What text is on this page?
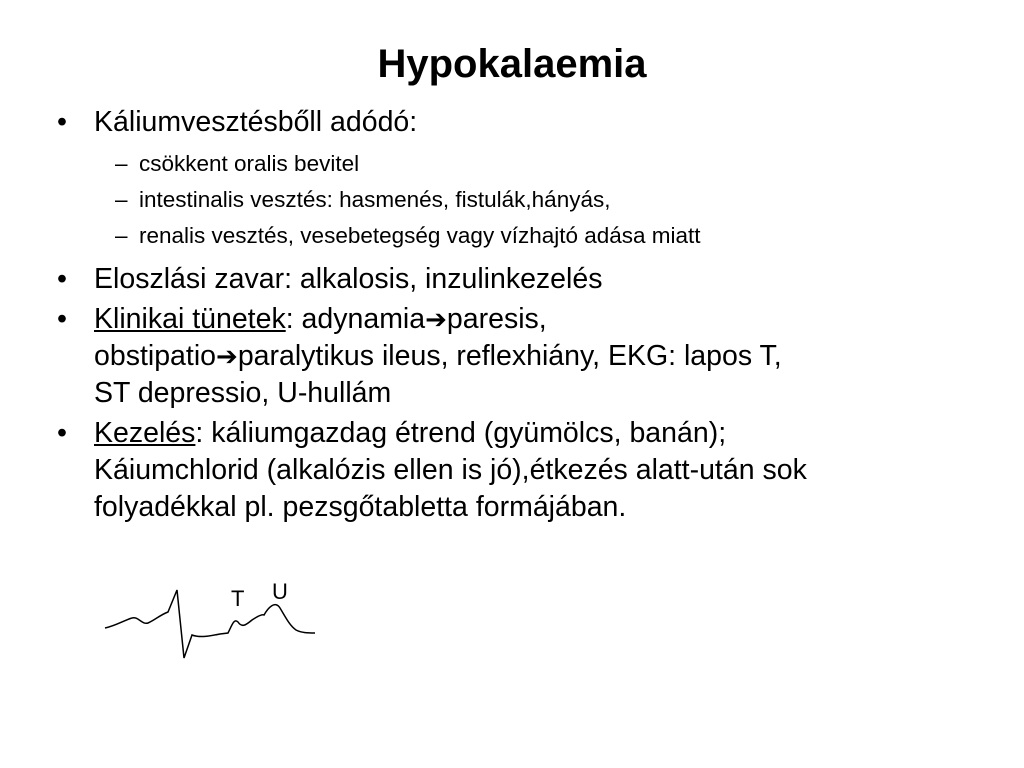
Hypokalaemia
• Káliumvesztésbőll adódó:
– csökkent oralis bevitel
– intestinalis vesztés: hasmenés, fistulák,hányás,
– renalis vesztés, vesebetegség vagy vízhajtó adása miatt
• Eloszlási zavar: alkalosis, inzulinkezelés
• Klinikai tünetek: adynamia➔paresis,
obstipatio➔paralytikus ileus, reflexhiány, EKG: lapos T,
ST depressio, U-hullám
• Kezelés: káliumgazdag étrend (gyümölcs, banán);
Káiumchlorid (alkalózis ellen is jó),étkezés alatt-után sok
folyadékkal pl. pezsgőtabletta formájában.
T U
